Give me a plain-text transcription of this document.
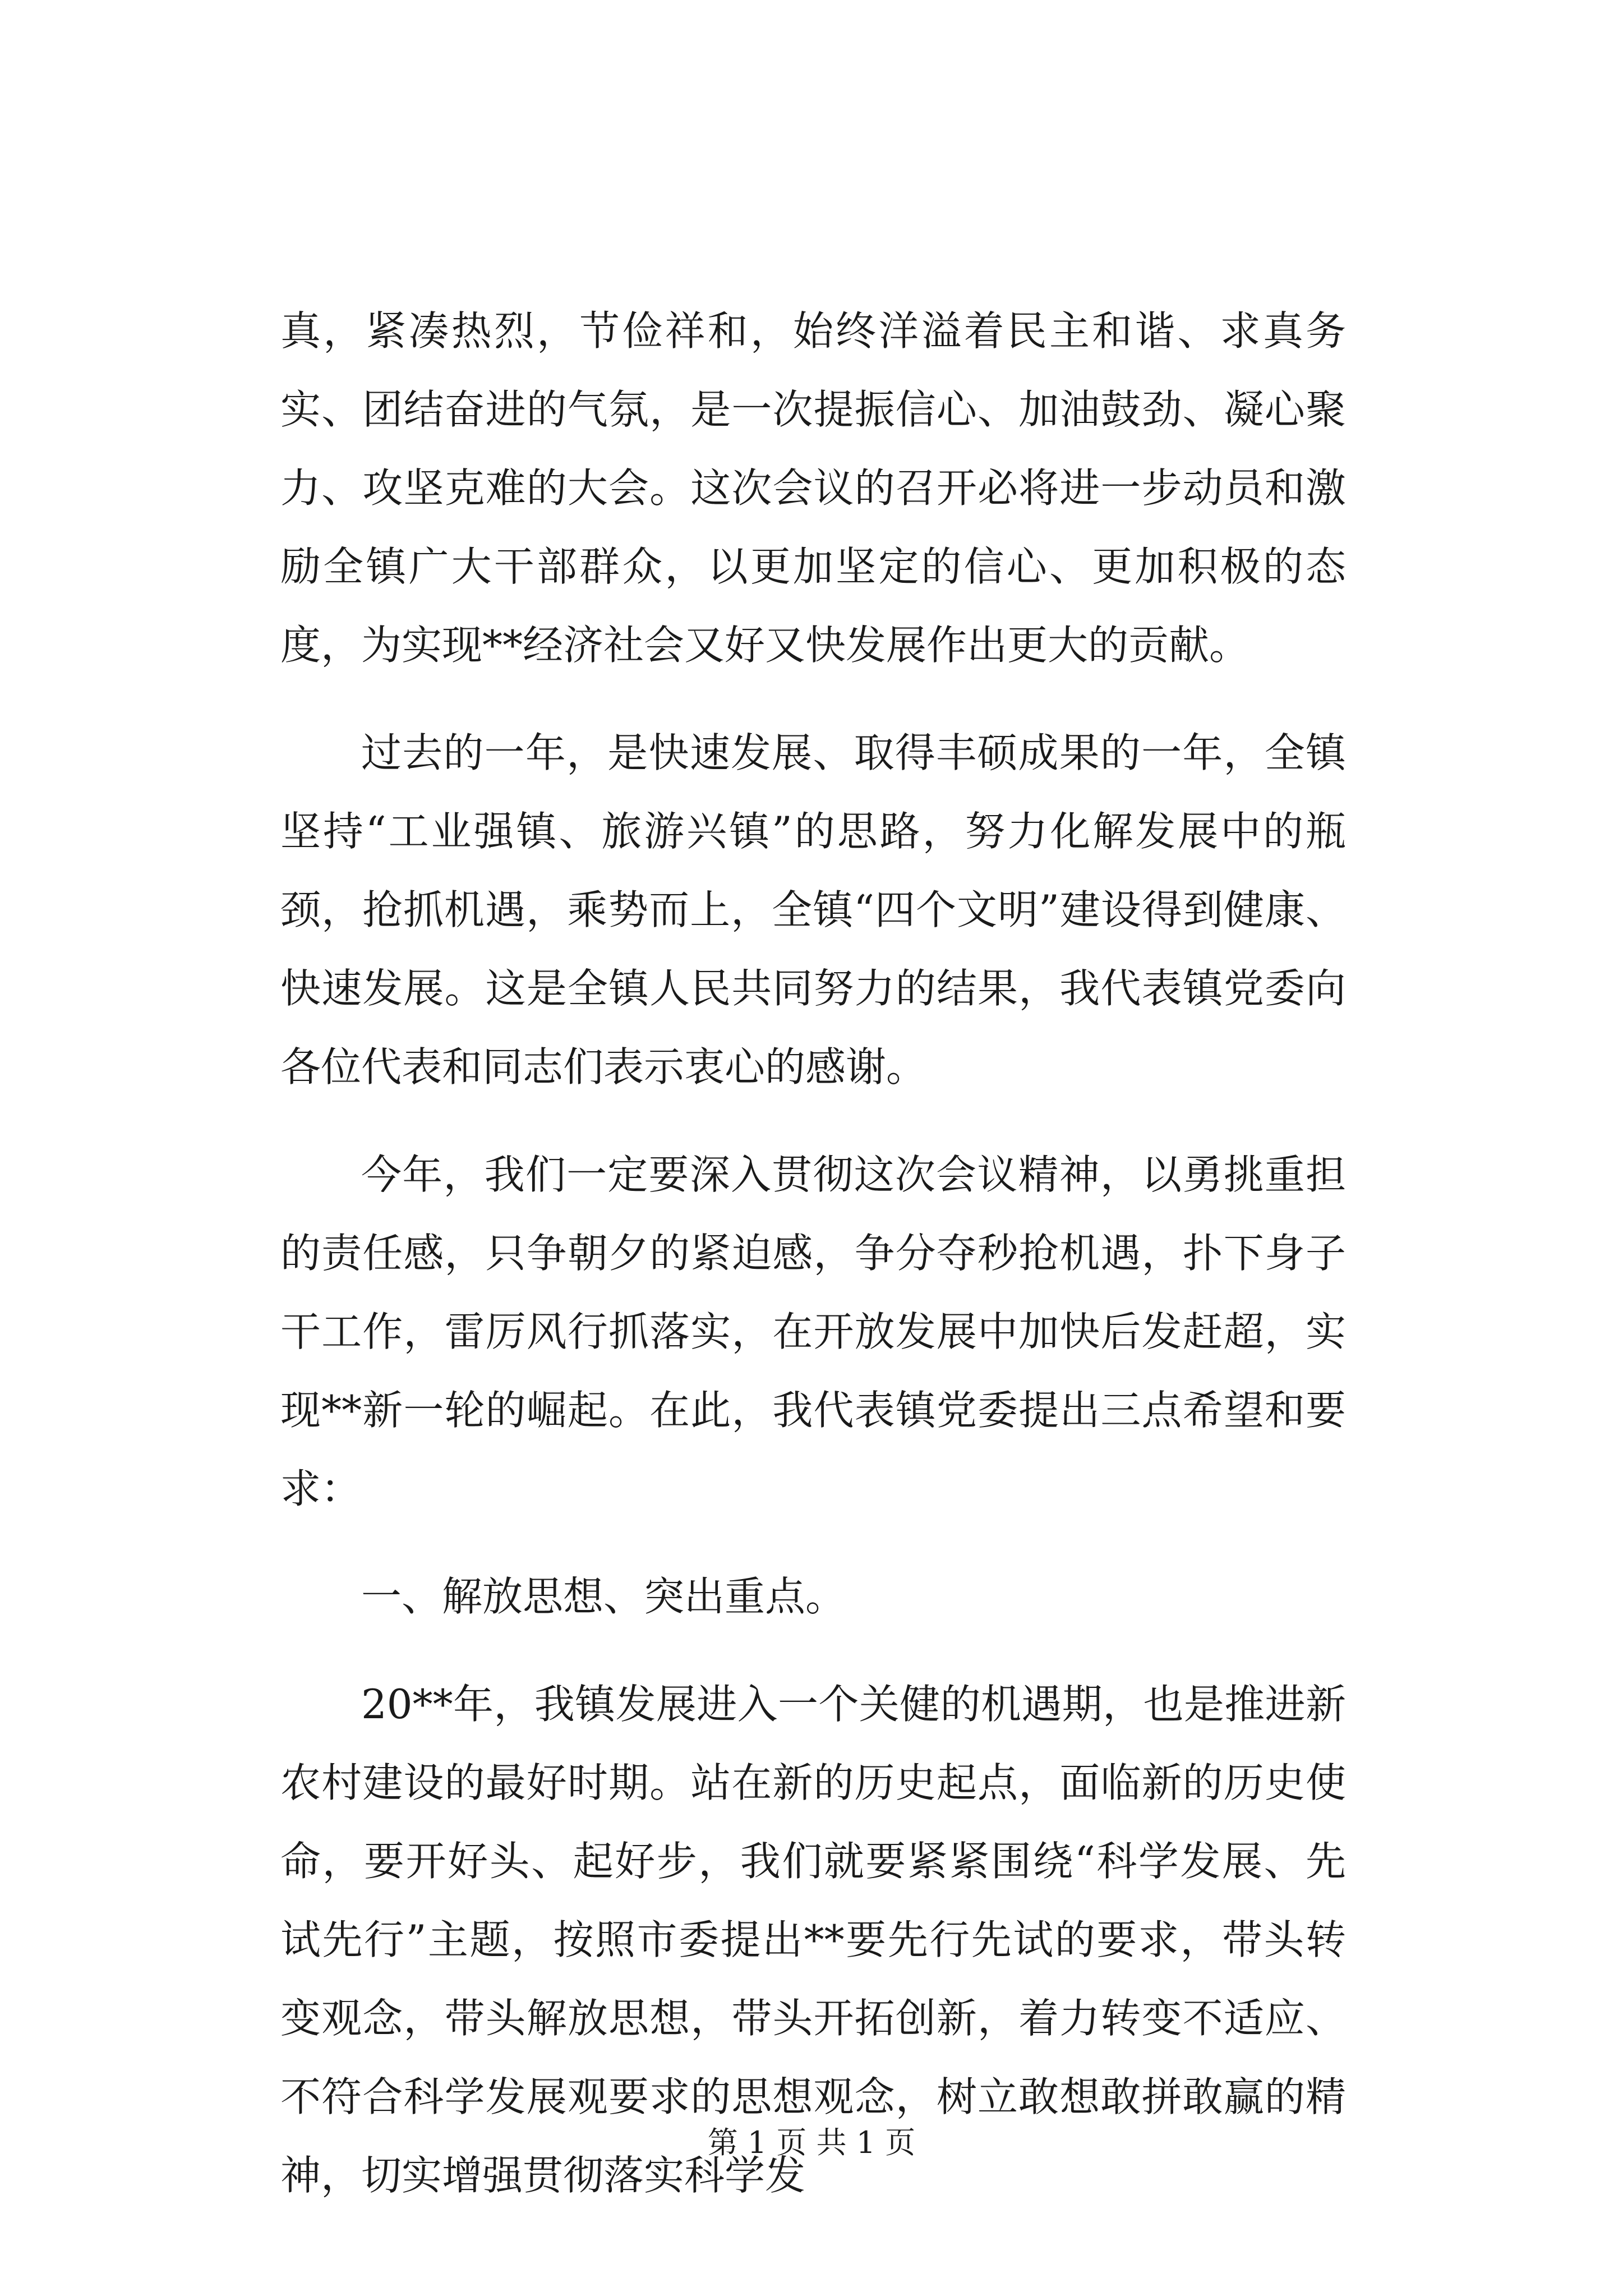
真，紧凑热烈，节俭祥和，始终洋溢着民主和谐、求真务实、团结奋进的气氛，是一次提振信心、加油鼓劲、凝心聚力、攻坚克难的大会。这次会议的召开必将进一步动员和激励全镇广大干部群众，以更加坚定的信心、更加积极的态度，为实现**经济社会又好又快发展作出更大的贡献。

过去的一年，是快速发展、取得丰硕成果的一年，全镇坚持“工业强镇、旅游兴镇”的思路，努力化解发展中的瓶颈，抢抓机遇，乘势而上，全镇“四个文明”建设得到健康、快速发展。这是全镇人民共同努力的结果，我代表镇党委向各位代表和同志们表示衷心的感谢。

今年，我们一定要深入贯彻这次会议精神，以勇挑重担的责任感，只争朝夕的紧迫感，争分夺秒抢机遇，扑下身子干工作，雷厉风行抓落实，在开放发展中加快后发赶超，实现**新一轮的崛起。在此，我代表镇党委提出三点希望和要求：

一、解放思想、突出重点。

20**年，我镇发展进入一个关健的机遇期，也是推进新农村建设的最好时期。站在新的历史起点，面临新的历史使命，要开好头、起好步，我们就要紧紧围绕“科学发展、先试先行”主题，按照市委提出**要先行先试的要求，带头转变观念，带头解放思想，带头开拓创新，着力转变不适应、不符合科学发展观要求的思想观念，树立敢想敢拼敢赢的精神，切实增强贯彻落实科学发

第 1 页 共 1 页
